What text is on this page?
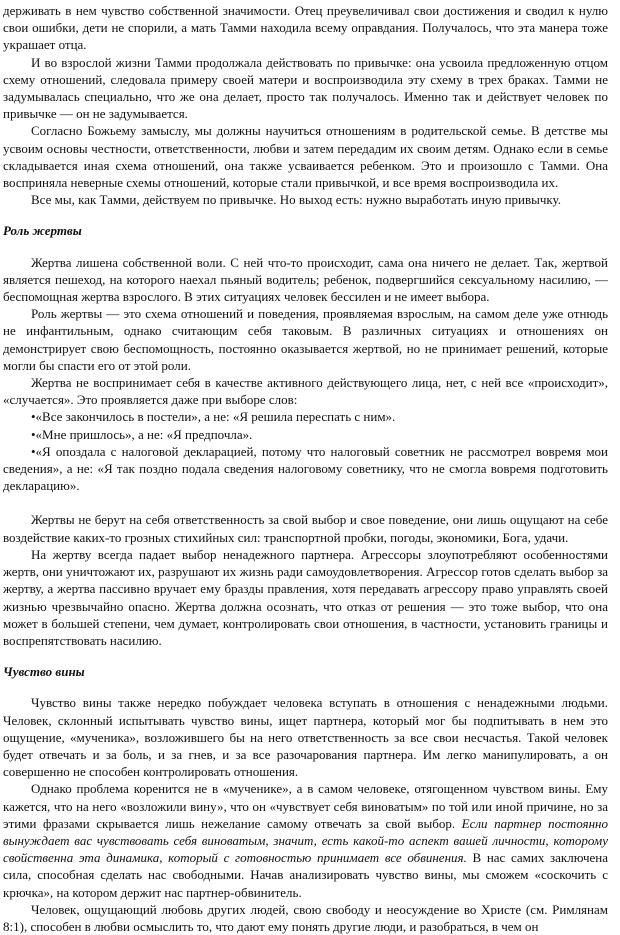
держивать в нем чувство собственной значимости. Отец преувеличивал свои достижения и сводил к нулю свои ошибки, дети не спорили, а мать Тамми находила всему оправдания. Получалось, что эта манера тоже украшает отца.

И во взрослой жизни Тамми продолжала действовать по привычке: она усвоила предложенную отцом схему отношений, следовала примеру своей матери и воспроизводила эту схему в трех браках. Тамми не задумывалась специально, что же она делает, просто так получалось. Именно так и действует человек по привычке — он не задумывается.

Согласно Божьему замыслу, мы должны научиться отношениям в родительской семье. В детстве мы усвоим основы честности, ответственности, любви и затем передадим их своим детям. Однако если в семье складывается иная схема отношений, она также усваивается ребенком. Это и произошло с Тамми. Она восприняла неверные схемы отношений, которые стали привычкой, и все время воспроизводила их.

Все мы, как Тамми, действуем по привычке. Но выход есть: нужно выработать иную привычку.

Роль жертвы

Жертва лишена собственной воли. С ней что-то происходит, сама она ничего не делает. Так, жертвой является пешеход, на которого наехал пьяный водитель; ребенок, подвергшийся сексуальному насилию, — беспомощная жертва взрослого. В этих ситуациях человек бессилен и не имеет выбора.

Роль жертвы — это схема отношений и поведения, проявляемая взрослым, на самом деле уже отнюдь не инфантильным, однако считающим себя таковым. В различных ситуациях и отношениях он демонстрирует свою беспомощность, постоянно оказывается жертвой, но не принимает решений, которые могли бы спасти его от этой роли.

Жертва не воспринимает себя в качестве активного действующего лица, нет, с ней все «происходит», «случается». Это проявляется даже при выборе слов:

•«Все закончилось в постели», а не: «Я решила переспать с ним».

•«Мне пришлось», а не: «Я предпочла».

•«Я опоздала с налоговой декларацией, потому что налоговый советник не рассмотрел вовремя мои сведения», а не: «Я так поздно подала сведения налоговому советнику, что не смогла вовремя подготовить декларацию».

Жертвы не берут на себя ответственность за свой выбор и свое поведение, они лишь ощущают на себе воздействие каких-то грозных стихийных сил: транспортной пробки, погоды, экономики, Бога, удачи.

На жертву всегда падает выбор ненадежного партнера. Агрессоры злоупотребляют особенностями жертв, они уничтожают их, разрушают их жизнь ради самоудовлетворения. Агрессор готов сделать выбор за жертву, а жертва пассивно вручает ему бразды правления, хотя передавать агрессору право управлять своей жизнью чрезвычайно опасно. Жертва должна осознать, что отказ от решения — это тоже выбор, что она может в большей степени, чем думает, контролировать свои отношения, в частности, установить границы и воспрепятствовать насилию.

Чувство вины

Чувство вины также нередко побуждает человека вступать в отношения с ненадежными людьми. Человек, склонный испытывать чувство вины, ищет партнера, который мог бы подпитывать в нем это ощущение, «мученика», возложившего бы на него ответственность за все свои несчастья. Такой человек будет отвечать и за боль, и за гнев, и за все разочарования партнера. Им легко манипулировать, а он совершенно не способен контролировать отношения.

Однако проблема коренится не в «мученике», а в самом человеке, отягощенном чувством вины. Ему кажется, что на него «возложили вину», что он «чувствует себя виноватым» по той или иной причине, но за этими фразами скрывается лишь нежелание самому отвечать за свой выбор. Если партнер постоянно вынуждает вас чувствовать себя виноватым, значит, есть какой-то аспект вашей личности, которому свойственна эта динамика, который с готовностью принимает все обвинения. В нас самих заключена сила, способная сделать нас свободными. Начав анализировать чувство вины, мы сможем «соскочить с крючка», на котором держит нас партнер-обвинитель.

Человек, ощущающий любовь других людей, свою свободу и неосуждение во Христе (см. Римлянам 8:1), способен в любви осмыслить то, что дают ему понять другие люди, и разобраться, в чем он
